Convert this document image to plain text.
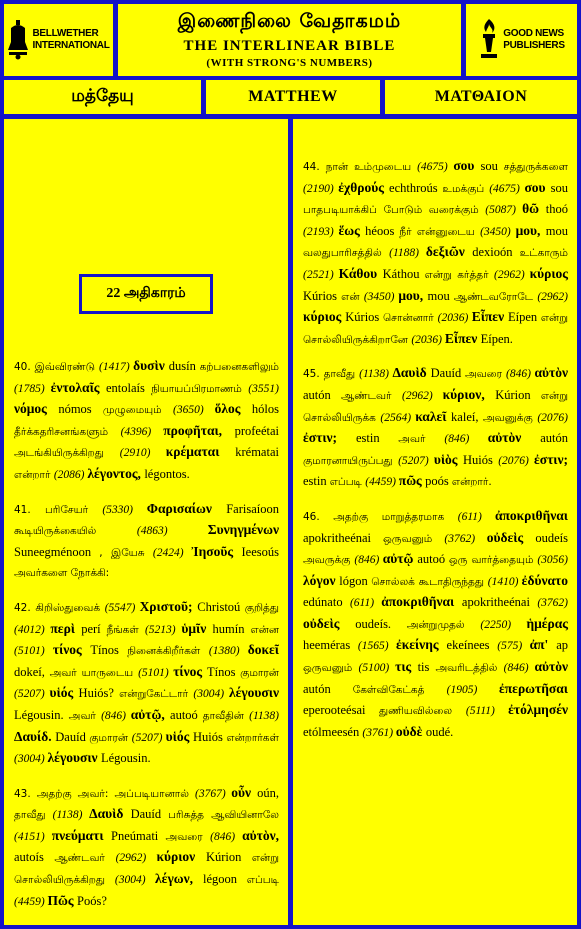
BELLWETHER
INTERNATIONAL
இணைநிலை வேதாகமம்
THE INTERLINEAR BIBLE
(WITH STRONG'S NUMBERS)
GOOD NEWS
PUBLISHERS
மத்தேயு	MATTHEW	ΜΑΤΘΑΙΟΝ
22 அதிகாரம்

40. இவ்விரண்டு (1417) δυσὶν dusín கற்பனைகளிலும் (1785) ἐντολαῖς entolaís நியாயப்பிரமாணம் (3551) νόμος nómos முழுமையும் (3650) ὅλος hólos தீர்க்கதரிசனங்களும் (4396) προφῆται, profeétai அடங்கியிருக்கிறது (2910) κρέμαται krématai என்றார் (2086) λέγοντος, légontos.

41. பரிசேயர் (5330) Φαρισαίων Farisaíoon கூடியிருக்கையில் (4863) Συνηγμένων Suneegménoon , இயேசு (2424) Ἰησοῦς Ieesoús அவர்களை நோக்கி:

42. கிறிஸ்துவைக் (5547) Χριστοῦ; Christoú குறித்து (4012) περὶ perí நீங்கள் (5213) ὑμῖν humín என்ன (5101) τίνος Tínos நினைக்கிறீர்கள் (1380) δοκεῖ dokeí, அவர் யாருடைய (5101) τίνος Tínos குமாரன் (5207) υἱός Huiós? என்றுகேட்டார் (3004) λέγουσιν Légousin. அவர் (846) αὐτῷ, autoó தாவீதின் (1138) Δαυίδ. Dauíd குமாரன் (5207) υἱός Huiós என்றார்கள் (3004) λέγουσιν Légousin.

43. அதற்கு அவர்: அப்படியானால் (3767) οὖν oún, தாவீது (1138) Δαυὶδ Dauíd பரிசுத்த ஆவியினாலே (4151) πνεύματι Pneúmati அவரை (846) αὐτὸν, autoís ஆண்டவர் (2962) κύριον Kúrion என்று சொல்லியிருக்கிறது (3004) λέγων, légoon எப்படி (4459) Πῶς Poós?

44. நான் உம்முடைய (4675) σου sou சத்துருக்களை (2190) ἐχθρούς echthroús உமக்குப் (4675) σου sou பாதபடியாக்கிப் போடும் வரைக்கும் (5087) θῶ thoó (2193) ἕως héoos நீர் என்னுடைய (3450) μου, mou வலதுபாரிசத்தில் (1188) δεξιῶν dexioón உட்காரும் (2521) Κάθου Káthou என்று கர்த்தர் (2962) κύριος Kúrios என் (3450) μου, mou ஆண்டவரோடே (2962) κύριος Kúrios சொன்னார் (2036) Εἶπεν Eípen என்று சொல்லியிருக்கிறானே (2036) Εἶπεν Eípen.

45. தாவீது (1138) Δαυὶδ Dauíd அவரை (846) αὐτὸν autón ஆண்டவர் (2962) κύριον, Kúrion என்று சொல்லியிருக்க (2564) καλεῖ kaleí, அவனுக்கு (2076) ἐστιν; estin அவர் (846) αὐτὸν autón குமாரனாயிருப்பது (5207) υἱὸς Huiós (2076) ἐστιν; estin எப்படி (4459) πῶς poós என்றார்.

46. அதற்கு மாறுத்தரமாக (611) ἀποκριθῆναι apokritheénai ஒருவனும் (3762) οὐδεὶς oudeís அவருக்கு (846) αὐτῷ autoó ஒரு வார்த்தையும் (3056) λόγον lógon சொல்லக் கூடாதிருந்தது (1410) ἐδύνατο edúnato (611) ἀποκριθῆναι apokritheénai (3762) οὐδεὶς oudeís. அன்றுமுதல் (2250) ἡμέρας heeméras (1565) ἐκείνης ekeínees (575) ἀπ' ap ஒருவனும் (5100) τις tis அவரிடத்தில் (846) αὐτὸν autón கேள்விகேட்கத் (1905) ἐπερωτῆσαι eperooteésai துணியவில்லை (5111) ἐτόλμησέν etólmeesén (3761) οὐδὲ oudé.
